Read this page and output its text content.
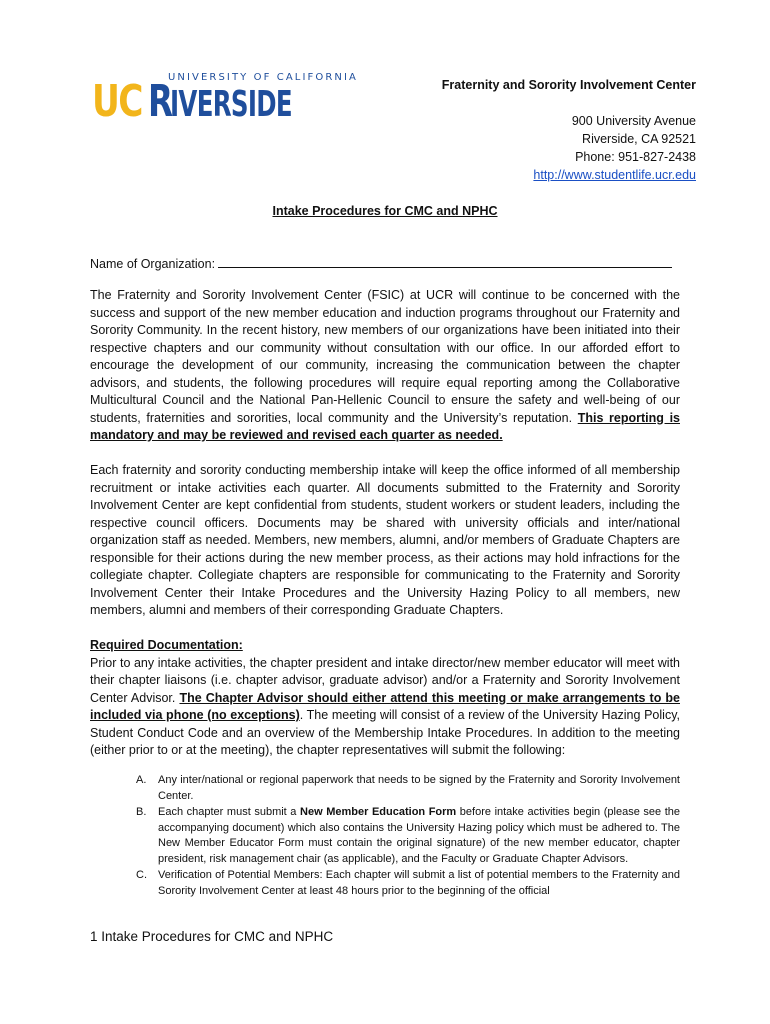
UNIVERSITY OF CALIFORNIA
UC R
IVERSIDE	Fraternity and Sorority Involvement Center
900 University Avenue
Riverside, CA 92521
Phone: 951-827-2438
http://www.studentlife.ucr.edu
Intake Procedures for CMC and NPHC
Name of Organization:
The Fraternity and Sorority Involvement Center (FSIC) at UCR will continue to be concerned with the success and support of the new member education and induction programs throughout our Fraternity and Sorority Community. In the recent history, new members of our organizations have been initiated into their respective chapters and our community without consultation with our office. In our afforded effort to encourage the development of our community, increasing the communication between the chapter advisors, and students, the following procedures will require equal reporting among the Collaborative Multicultural Council and the National Pan-Hellenic Council to ensure the safety and well-being of our students, fraternities and sororities, local community and the University’s reputation. This reporting is mandatory and may be reviewed and revised each quarter as needed.
Each fraternity and sorority conducting membership intake will keep the office informed of all membership recruitment or intake activities each quarter. All documents submitted to the Fraternity and Sorority Involvement Center are kept confidential from students, student workers or student leaders, including the respective council officers. Documents may be shared with university officials and inter/national organization staff as needed. Members, new members, alumni, and/or members of Graduate Chapters are responsible for their actions during the new member process, as their actions may hold infractions for the collegiate chapter. Collegiate chapters are responsible for communicating to the Fraternity and Sorority Involvement Center their Intake Procedures and the University Hazing Policy to all members, new members, alumni and members of their corresponding Graduate Chapters.
Required Documentation:
Prior to any intake activities, the chapter president and intake director/new member educator will meet with their chapter liaisons (i.e. chapter advisor, graduate advisor) and/or a Fraternity and Sorority Involvement Center Advisor. The Chapter Advisor should either attend this meeting or make arrangements to be included via phone (no exceptions). The meeting will consist of a review of the University Hazing Policy, Student Conduct Code and an overview of the Membership Intake Procedures. In addition to the meeting (either prior to or at the meeting), the chapter representatives will submit the following:
A. Any inter/national or regional paperwork that needs to be signed by the Fraternity and Sorority Involvement Center.
B. Each chapter must submit a New Member Education Form before intake activities begin (please see the accompanying document) which also contains the University Hazing policy which must be adhered to. The New Member Educator Form must contain the original signature) of the new member educator, chapter president, risk management chair (as applicable), and the Faculty or Graduate Chapter Advisors.
C. Verification of Potential Members: Each chapter will submit a list of potential members to the Fraternity and Sorority Involvement Center at least 48 hours prior to the beginning of the official
1 Intake Procedures for CMC and NPHC
